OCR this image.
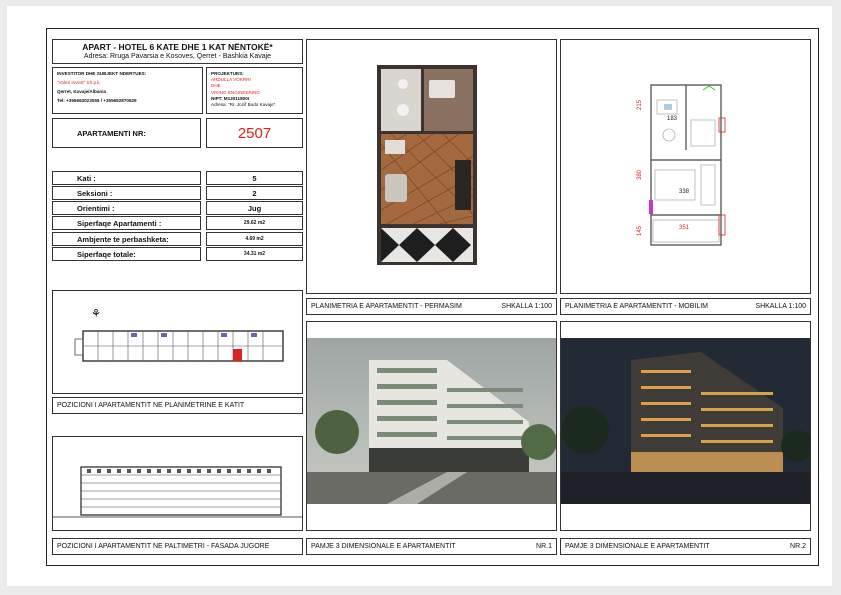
APART - HOTEL 6 KATE DHE 1 KAT NËNTOKË*
Adresa: Rruga Pavarsia e Kosoves, Qerret - Bashkia Kavaje
INVESTITOR DHE SUBJEKT NDERTUES:
"Voleri Invest" Sh.p.k.
Qerret, Kavaje/Albania
Tel: +355693023055 / +355692870629
PROJEKTUES:
ARDULLA VOKRRI
DHE
VIKING ENGINEERING
NIPT: M13011800I
Adresa: "Rr. Jozif Budo Kavaje".
APARTAMENTI NR:	2507
Kati :	5
Seksioni :	2
Orientimi :	Jug
Siperfaqe Apartamenti :	29.62 m2
Ambjente te perbashketa:	4.69 m2
Siperfaqe totale:	34.31 m2
215
183
380
338
145	351
PLANIMETRIA E APARTAMENTIT - PERMASIM	SHKALLA 1:100 PLANIMETRIA E APARTAMENTIT - MOBILIM	SHKALLA 1:100
⚘
POZICIONI I APARTAMENTIT NE PLANIMETRINE E KATIT
POZICIONI I APARTAMENTIT NE PALTIMETRI - FASADA JUGORE	PAMJE 3 DIMENSIONALE E APARTAMENTIT	NR.1 PAMJE 3 DIMENSIONALE E APARTAMENTIT	NR.2
